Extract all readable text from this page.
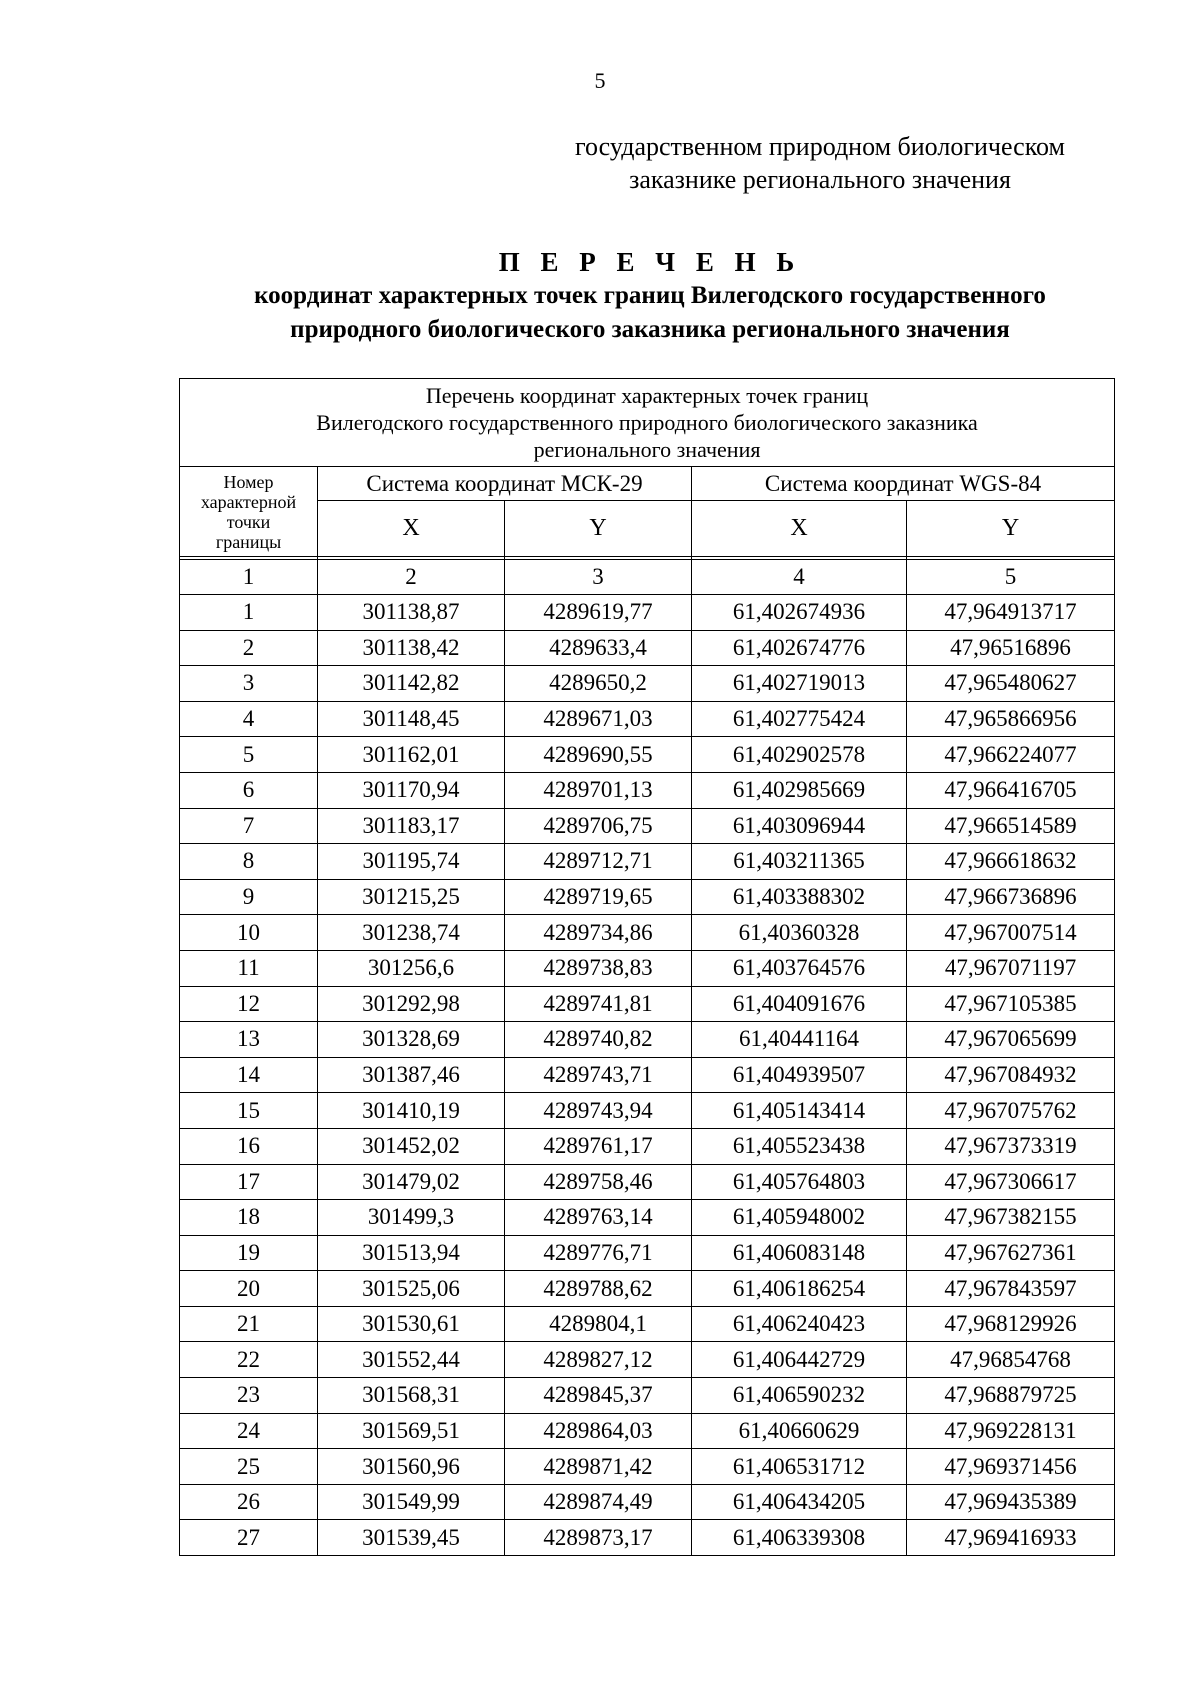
5
государственном природном биологическом
заказнике регионального значения
П Е Р Е Ч Е Н Ь
координат характерных точек границ Вилегодского государственного
природного биологического заказника регионального значения
Перечень координат характерных точек границ
Вилегодского государственного природного биологического заказника
регионального значения				

Номер
характерной
точки
границы	Система координат МСК-29		Система координат WGS-84	
	X	Y	X	Y

1	2	3	4	5
1	301138,87	4289619,77	61,402674936	47,964913717
2	301138,42	4289633,4	61,402674776	47,96516896
3	301142,82	4289650,2	61,402719013	47,965480627
4	301148,45	4289671,03	61,402775424	47,965866956
5	301162,01	4289690,55	61,402902578	47,966224077
6	301170,94	4289701,13	61,402985669	47,966416705
7	301183,17	4289706,75	61,403096944	47,966514589
8	301195,74	4289712,71	61,403211365	47,966618632
9	301215,25	4289719,65	61,403388302	47,966736896
10	301238,74	4289734,86	61,40360328	47,967007514
11	301256,6	4289738,83	61,403764576	47,967071197
12	301292,98	4289741,81	61,404091676	47,967105385
13	301328,69	4289740,82	61,40441164	47,967065699
14	301387,46	4289743,71	61,404939507	47,967084932
15	301410,19	4289743,94	61,405143414	47,967075762
16	301452,02	4289761,17	61,405523438	47,967373319
17	301479,02	4289758,46	61,405764803	47,967306617
18	301499,3	4289763,14	61,405948002	47,967382155
19	301513,94	4289776,71	61,406083148	47,967627361
20	301525,06	4289788,62	61,406186254	47,967843597
21	301530,61	4289804,1	61,406240423	47,968129926
22	301552,44	4289827,12	61,406442729	47,96854768
23	301568,31	4289845,37	61,406590232	47,968879725
24	301569,51	4289864,03	61,40660629	47,969228131
25	301560,96	4289871,42	61,406531712	47,969371456
26	301549,99	4289874,49	61,406434205	47,969435389
27	301539,45	4289873,17	61,406339308	47,969416933
